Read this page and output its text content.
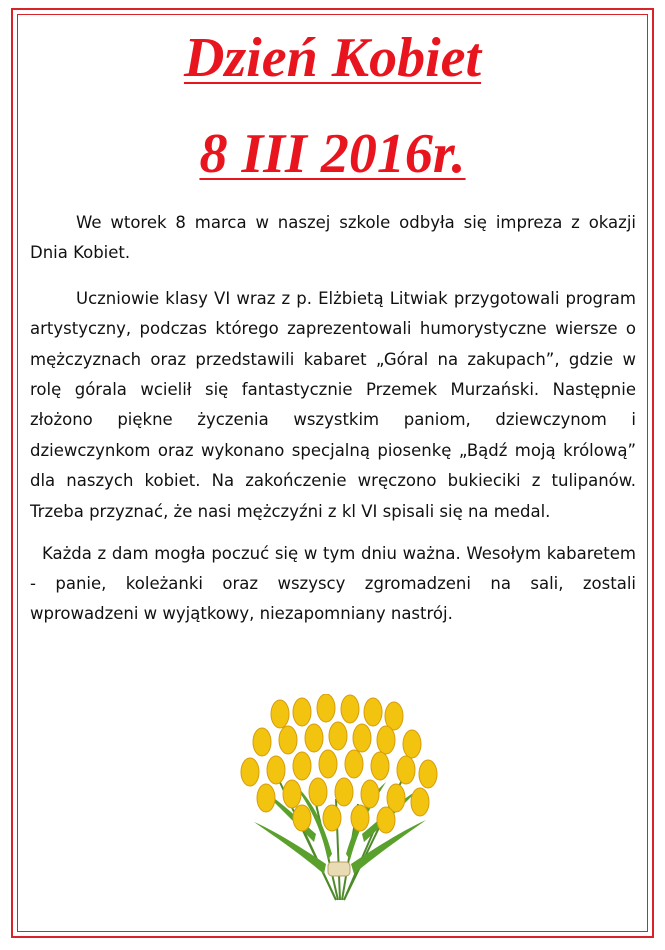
Dzień Kobiet
8 III 2016r.

We wtorek 8 marca w naszej szkole odbyła się impreza z okazji Dnia Kobiet.

Uczniowie klasy VI wraz z p. Elżbietą Litwiak przygotowali program artystyczny, podczas którego zaprezentowali humorystyczne wiersze o mężczyznach oraz przedstawili kabaret „Góral na zakupach”, gdzie w rolę górala wcielił się fantastycznie Przemek Murzański. Następnie złożono piękne życzenia wszystkim paniom, dziewczynom i dziewczynkom oraz wykonano specjalną piosenkę „Bądź moją królową” dla naszych kobiet. Na zakończenie wręczono bukieciki z tulipanów. Trzeba przyznać, że nasi mężczyźni z kl VI spisali się na medal.

Każda z dam mogła poczuć się w tym dniu ważna. Wesołym kabaretem - panie, koleżanki oraz wszyscy zgromadzeni na sali, zostali wprowadzeni w wyjątkowy, niezapomniany nastrój.
